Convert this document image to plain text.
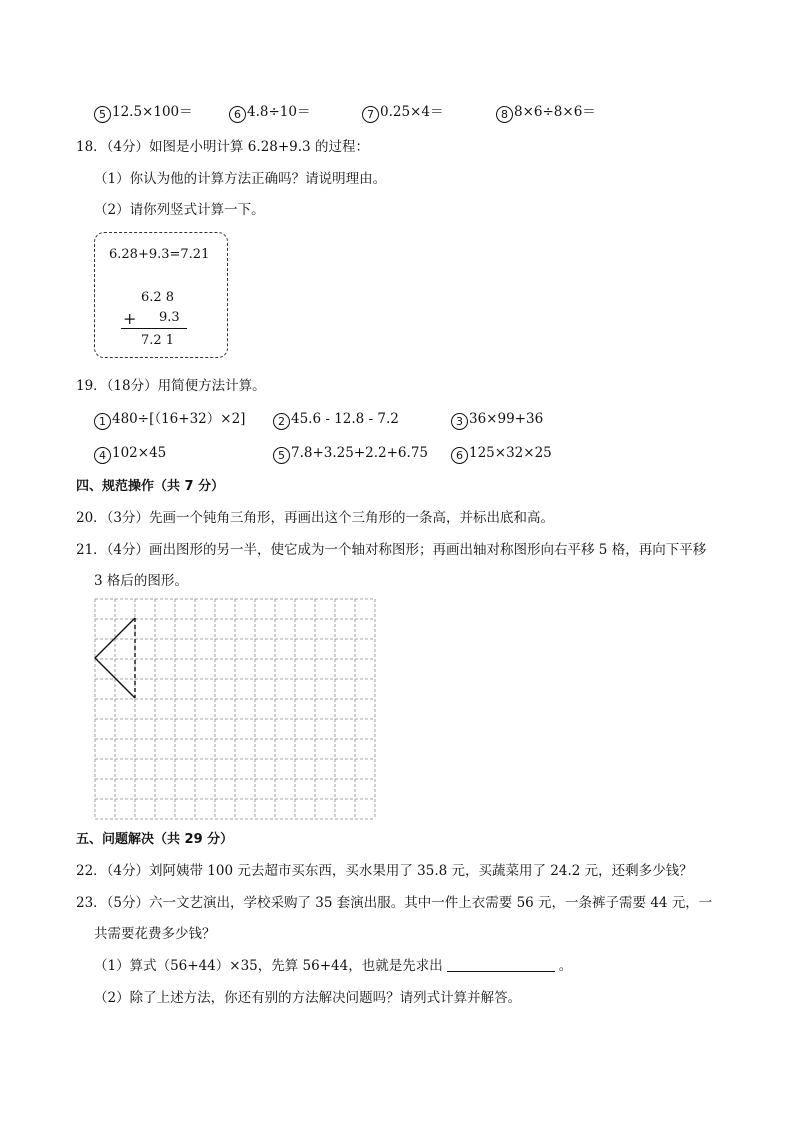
5 12.5×100＝	6 4.8÷10＝	7 0.25×4＝	8 8×6÷8×6＝
18．（4分）如图是小明计算 6.28+9.3 的过程：
（1）你认为他的计算方法正确吗？请说明理由。
（2）请你列竖式计算一下。
6.28+9.3=7.21
6.2 8
+ 9.3
7.2 1
19．（18分）用简便方法计算。
1 480÷[（16+32）×2]	2 45.6 - 12.8 - 7.2	3 36×99+36
4 102×45	5 7.8+3.25+2.2+6.75	6 125×32×25
四、规范操作（共 7 分）
20．（3分）先画一个钝角三角形，再画出这个三角形的一条高，并标出底和高。
21．（4分）画出图形的另一半，使它成为一个轴对称图形；再画出轴对称图形向右平移 5 格，再向下平移
3 格后的图形。
五、问题解决（共 29 分）
22．（4分）刘阿姨带 100 元去超市买东西，买水果用了 35.8 元，买蔬菜用了 24.2 元，还剩多少钱？
23．（5分）六一文艺演出，学校采购了 35 套演出服。其中一件上衣需要 56 元，一条裤子需要 44 元，一
共需要花费多少钱？
（1）算式（56+44）×35，先算 56+44，也就是先求出	。
（2）除了上述方法，你还有别的方法解决问题吗？请列式计算并解答。
